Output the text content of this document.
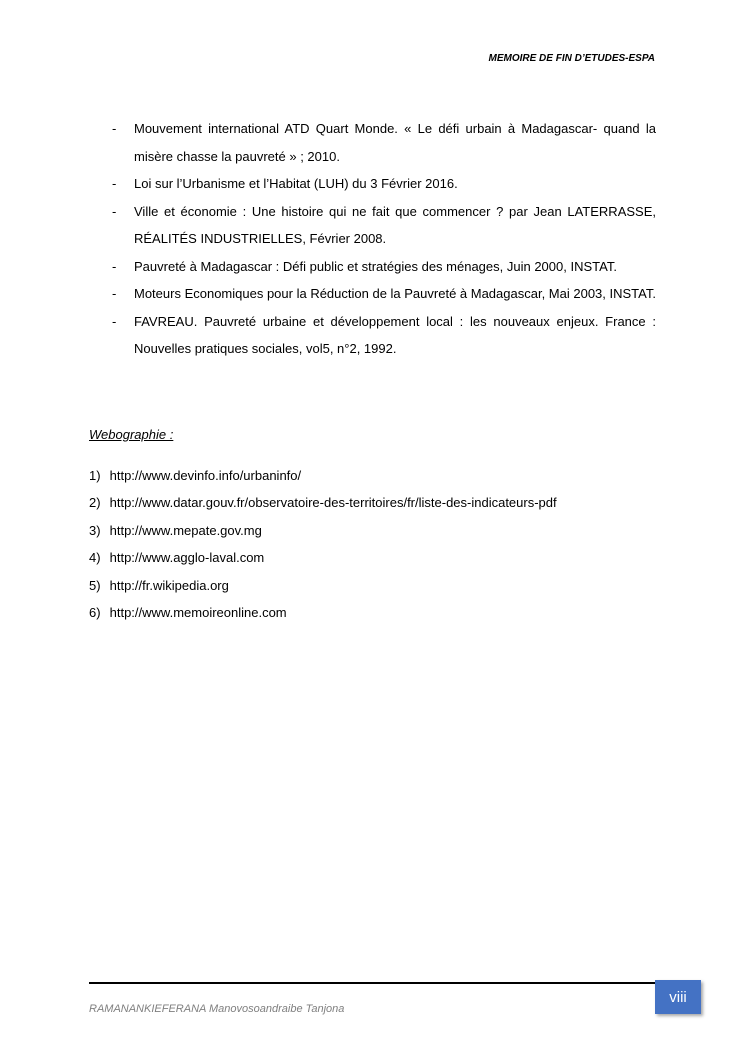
MEMOIRE DE FIN D’ETUDES-ESPA
- Mouvement international ATD Quart Monde. « Le défi urbain à Madagascar- quand la misère chasse la pauvreté » ; 2010.
- Loi sur l’Urbanisme et l’Habitat (LUH) du 3 Février 2016.
- Ville et économie : Une histoire qui ne fait que commencer ? par Jean LATERRASSE, RÉALITÉS INDUSTRIELLES, Février 2008.
- Pauvreté à Madagascar : Défi public et stratégies des ménages, Juin 2000, INSTAT.
- Moteurs Economiques pour la Réduction de la Pauvreté à Madagascar, Mai 2003, INSTAT.
- FAVREAU. Pauvreté urbaine et développement local : les nouveaux enjeux. France : Nouvelles pratiques sociales, vol5, n°2, 1992.
Webographie :
1) http://www.devinfo.info/urbaninfo/
2) http://www.datar.gouv.fr/observatoire-des-territoires/fr/liste-des-indicateurs-pdf
3) http://www.mepate.gov.mg
4) http://www.agglo-laval.com
5) http://fr.wikipedia.org
6) http://www.memoireonline.com
viii
RAMANANKIEFERANA Manovosoandraibe Tanjona
